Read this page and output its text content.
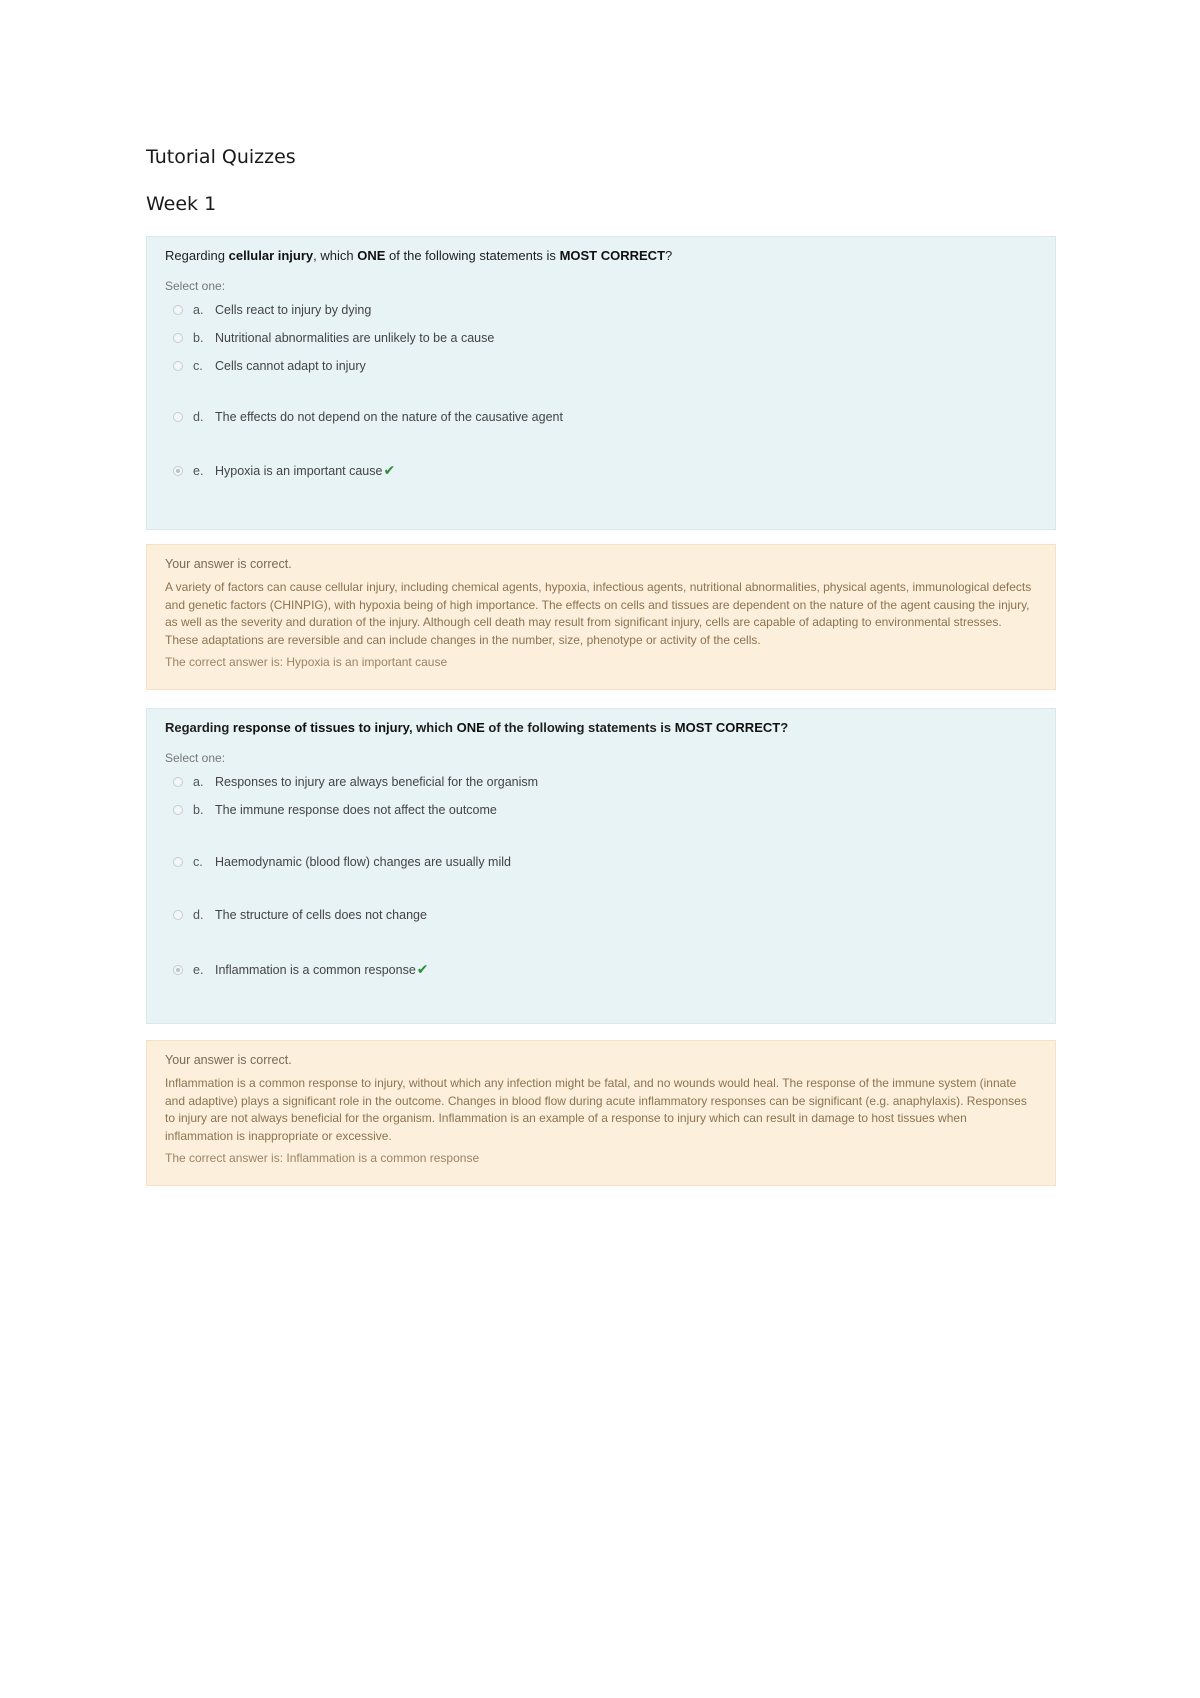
Tutorial Quizzes
Week 1

Regarding cellular injury, which ONE of the following statements is MOST CORRECT?

Select one:
a. Cells react to injury by dying
b. Nutritional abnormalities are unlikely to be a cause
c. Cells cannot adapt to injury
d. The effects do not depend on the nature of the causative agent
e. Hypoxia is an important cause ✔

Your answer is correct.

A variety of factors can cause cellular injury, including chemical agents, hypoxia, infectious agents, nutritional abnormalities, physical agents, immunological defects and genetic factors (CHINPIG), with hypoxia being of high importance. The effects on cells and tissues are dependent on the nature of the agent causing the injury, as well as the severity and duration of the injury. Although cell death may result from significant injury, cells are capable of adapting to environmental stresses. These adaptations are reversible and can include changes in the number, size, phenotype or activity of the cells.

The correct answer is: Hypoxia is an important cause

Regarding response of tissues to injury, which ONE of the following statements is MOST CORRECT?

Select one:
a. Responses to injury are always beneficial for the organism
b. The immune response does not affect the outcome
c. Haemodynamic (blood flow) changes are usually mild
d. The structure of cells does not change
e. Inflammation is a common response ✔

Your answer is correct.

Inflammation is a common response to injury, without which any infection might be fatal, and no wounds would heal. The response of the immune system (innate and adaptive) plays a significant role in the outcome. Changes in blood flow during acute inflammatory responses can be significant (e.g. anaphylaxis). Responses to injury are not always beneficial for the organism. Inflammation is an example of a response to injury which can result in damage to host tissues when inflammation is inappropriate or excessive.

The correct answer is: Inflammation is a common response
